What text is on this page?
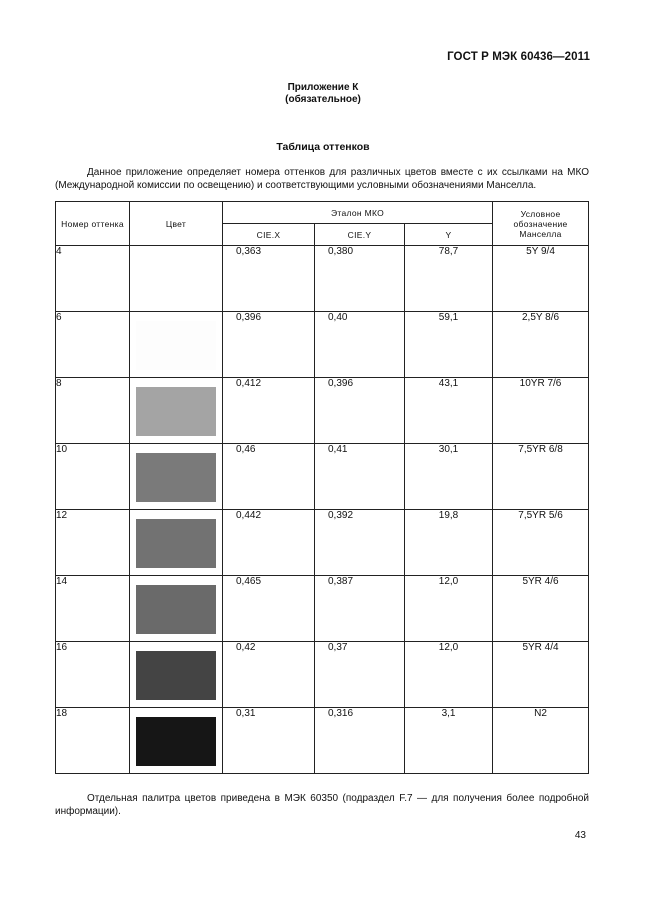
ГОСТ Р МЭК 60436—2011
Приложение К
(обязательное)
Таблица оттенков
Данное приложение определяет номера оттенков для различных цветов вместе с их ссылками на МКО (Международной комиссии по освещению) и соответствующими условными обозначениями Манселла.
Номер оттенка	Цвет	Эталон МКО			Условное обозначение Манселла
		CIE.X	CIE.Y	Y	
4		0,363	0,380	78,7	5Y 9/4
6		0,396	0,40	59,1	2,5Y 8/6
8		0,412	0,396	43,1	10YR 7/6
10		0,46	0,41	30,1	7,5YR 6/8
12		0,442	0,392	19,8	7,5YR 5/6
14		0,465	0,387	12,0	5YR 4/6
16		0,42	0,37	12,0	5YR 4/4
18		0,31	0,316	3,1	N2
Отдельная палитра цветов приведена в МЭК 60350 (подраздел F.7 — для получения более подробной информации).
43
